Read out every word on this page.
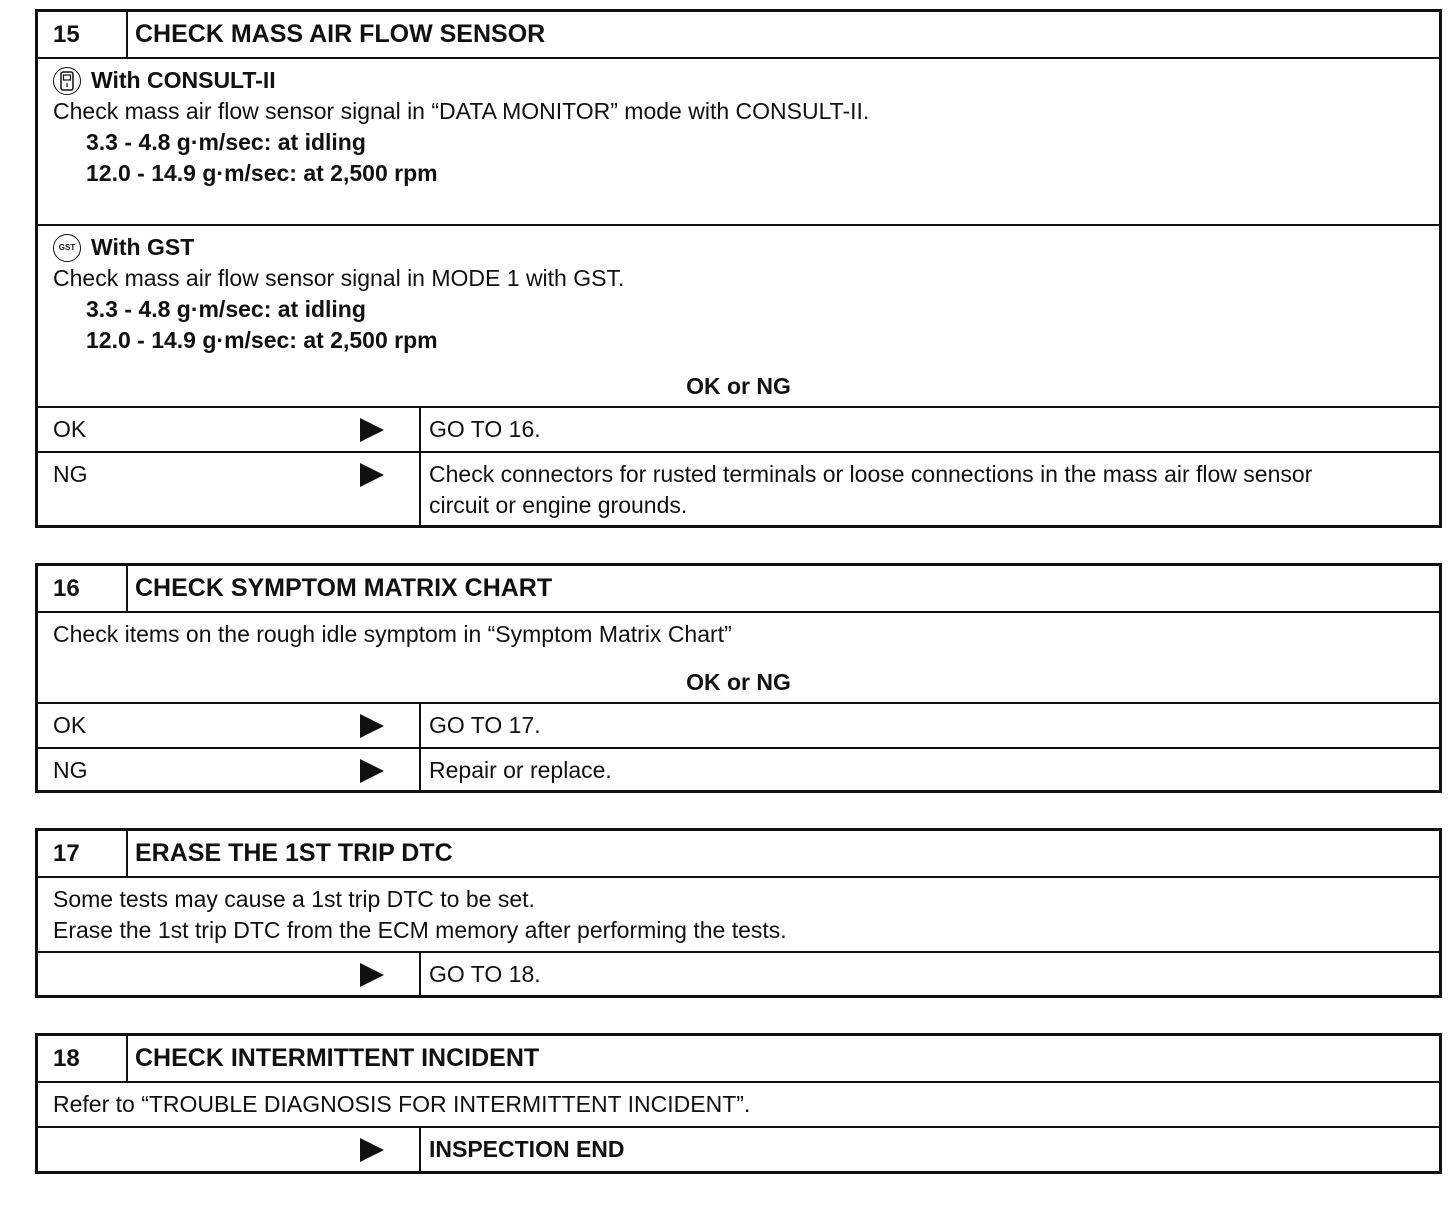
15	CHECK MASS AIR FLOW SENSOR
With CONSULT-II
Check mass air flow sensor signal in “DATA MONITOR” mode with CONSULT-II.
3.3 - 4.8 g·m/sec: at idling
12.0 - 14.9 g·m/sec: at 2,500 rpm
GST With GST
Check mass air flow sensor signal in MODE 1 with GST.
3.3 - 4.8 g·m/sec: at idling
12.0 - 14.9 g·m/sec: at 2,500 rpm
OK or NG
OK	GO TO 16.
NG	Check connectors for rusted terminals or loose connections in the mass air flow sensor
circuit or engine grounds.
16	CHECK SYMPTOM MATRIX CHART
Check items on the rough idle symptom in “Symptom Matrix Chart”
OK or NG
OK	GO TO 17.
NG	Repair or replace.
17	ERASE THE 1ST TRIP DTC
Some tests may cause a 1st trip DTC to be set.
Erase the 1st trip DTC from the ECM memory after performing the tests.
GO TO 18.
18	CHECK INTERMITTENT INCIDENT
Refer to “TROUBLE DIAGNOSIS FOR INTERMITTENT INCIDENT”.
INSPECTION END
